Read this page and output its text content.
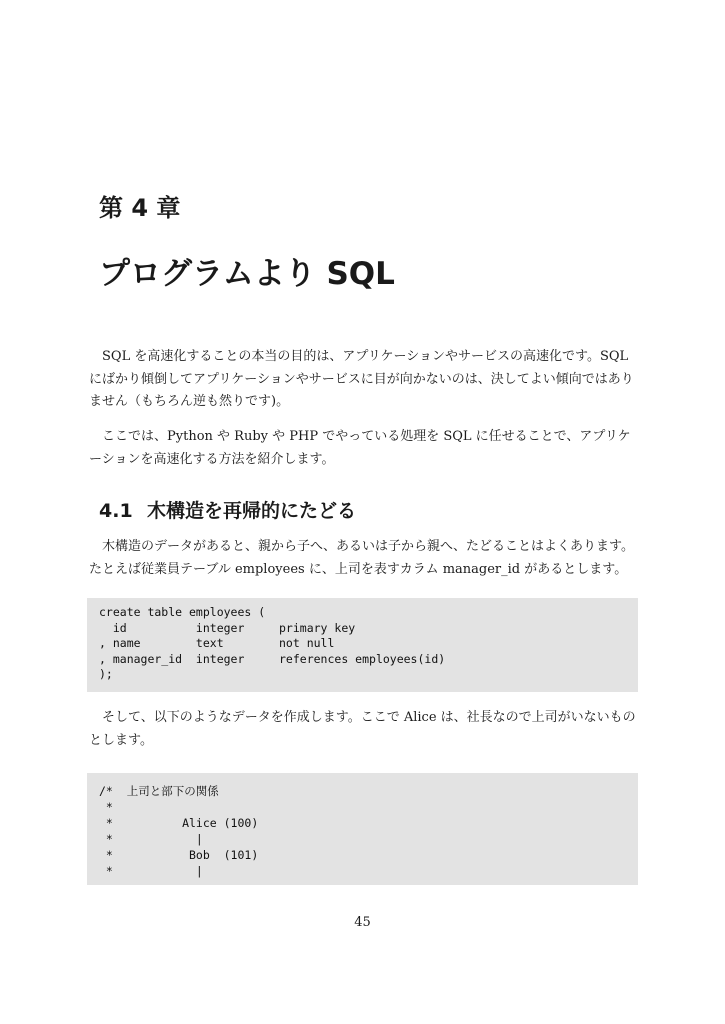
第 4 章
プログラムより SQL

SQL を高速化することの本当の目的は、アプリケーションやサービスの高速化です。SQL にばかり傾倒してアプリケーションやサービスに目が向かないのは、決してよい傾向ではありません（もちろん逆も然りです)。

ここでは、Python や Ruby や PHP でやっている処理を SQL に任せることで、アプリケーションを高速化する方法を紹介します。

4.1 木構造を再帰的にたどる

木構造のデータがあると、親から子へ、あるいは子から親へ、たどることはよくあります。たとえば従業員テーブル employees に、上司を表すカラム manager_id があるとします。

create table employees (
id          integer     primary key
, name        text        not null
, manager_id  integer     references employees(id)
);

そして、以下のようなデータを作成します。ここで Alice は、社長なので上司がいないものとします。

/*  上司と部下の関係
*
*          Alice (100)
*            |
*           Bob  (101)
*            |

45
